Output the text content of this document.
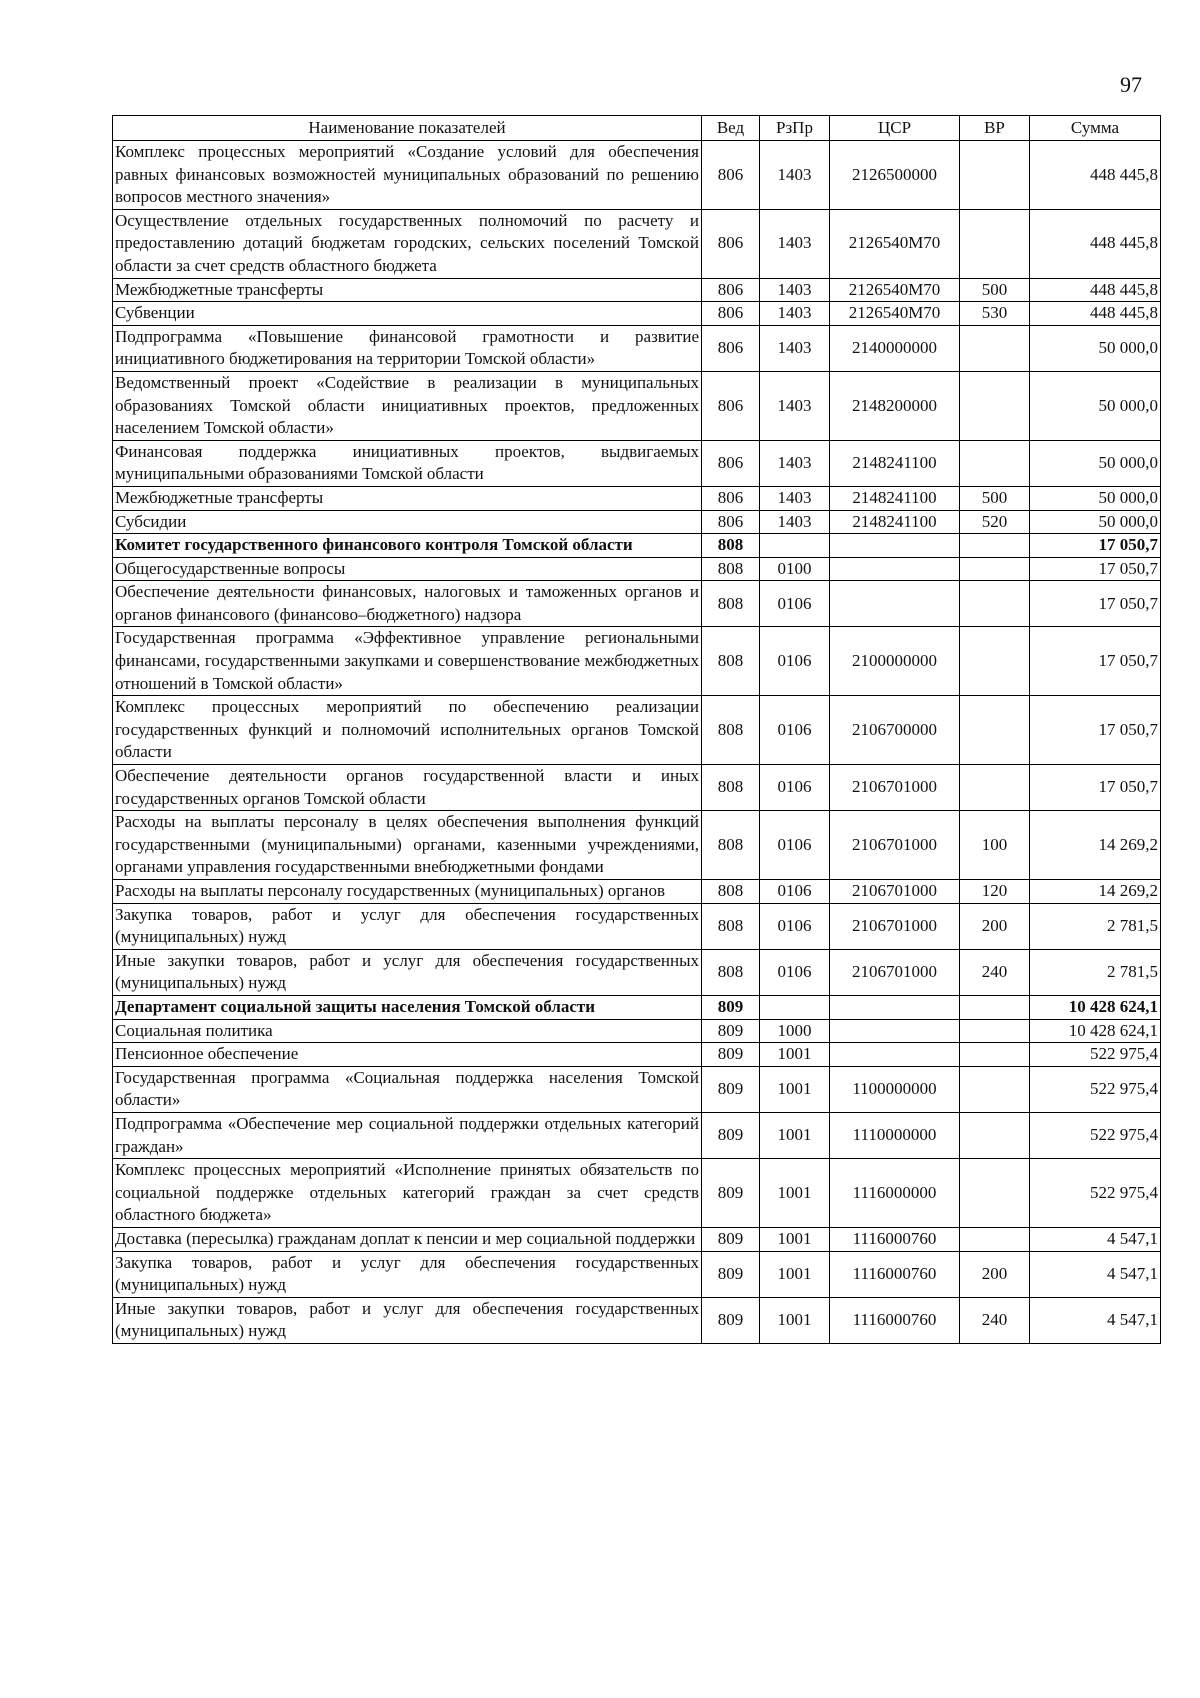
97
Наименование показателей	Вед	РзПр	ЦСР	ВР	Сумма
Комплекс процессных мероприятий «Создание условий для обеспечения равных финансовых возможностей муниципальных образований по решению вопросов местного значения»	806	1403	2126500000		448 445,8
Осуществление отдельных государственных полномочий по расчету и предоставлению дотаций бюджетам городских, сельских поселений Томской области за счет средств областного бюджета	806	1403	2126540M70		448 445,8
Межбюджетные трансферты	806	1403	2126540M70	500	448 445,8
Субвенции	806	1403	2126540M70	530	448 445,8
Подпрограмма «Повышение финансовой грамотности и развитие инициативного бюджетирования на территории Томской области»	806	1403	2140000000		50 000,0
Ведомственный проект «Содействие в реализации в муниципальных образованиях Томской области инициативных проектов, предложенных населением Томской области»	806	1403	2148200000		50 000,0
Финансовая поддержка инициативных проектов, выдвигаемых муниципальными образованиями Томской области	806	1403	2148241100		50 000,0
Межбюджетные трансферты	806	1403	2148241100	500	50 000,0
Субсидии	806	1403	2148241100	520	50 000,0
Комитет государственного финансового контроля Томской области	808				17 050,7
Общегосударственные вопросы	808	0100			17 050,7
Обеспечение деятельности финансовых, налоговых и таможенных органов и органов финансового (финансово–бюджетного) надзора	808	0106			17 050,7
Государственная программа «Эффективное управление региональными финансами, государственными закупками и совершенствование межбюджетных отношений в Томской области»	808	0106	2100000000		17 050,7
Комплекс процессных мероприятий по обеспечению реализации государственных функций и полномочий исполнительных органов Томской области	808	0106	2106700000		17 050,7
Обеспечение деятельности органов государственной власти и иных государственных органов Томской области	808	0106	2106701000		17 050,7
Расходы на выплаты персоналу в целях обеспечения выполнения функций государственными (муниципальными) органами, казенными учреждениями, органами управления государственными внебюджетными фондами	808	0106	2106701000	100	14 269,2
Расходы на выплаты персоналу государственных (муниципальных) органов	808	0106	2106701000	120	14 269,2
Закупка товаров, работ и услуг для обеспечения государственных (муниципальных) нужд	808	0106	2106701000	200	2 781,5
Иные закупки товаров, работ и услуг для обеспечения государственных (муниципальных) нужд	808	0106	2106701000	240	2 781,5
Департамент социальной защиты населения Томской области	809				10 428 624,1
Социальная политика	809	1000			10 428 624,1
Пенсионное обеспечение	809	1001			522 975,4
Государственная программа «Социальная поддержка населения Томской области»	809	1001	1100000000		522 975,4
Подпрограмма «Обеспечение мер социальной поддержки отдельных категорий граждан»	809	1001	1110000000		522 975,4
Комплекс процессных мероприятий «Исполнение принятых обязательств по социальной поддержке отдельных категорий граждан за счет средств областного бюджета»	809	1001	1116000000		522 975,4
Доставка (пересылка) гражданам доплат к пенсии и мер социальной поддержки	809	1001	1116000760		4 547,1
Закупка товаров, работ и услуг для обеспечения государственных (муниципальных) нужд	809	1001	1116000760	200	4 547,1
Иные закупки товаров, работ и услуг для обеспечения государственных (муниципальных) нужд	809	1001	1116000760	240	4 547,1
